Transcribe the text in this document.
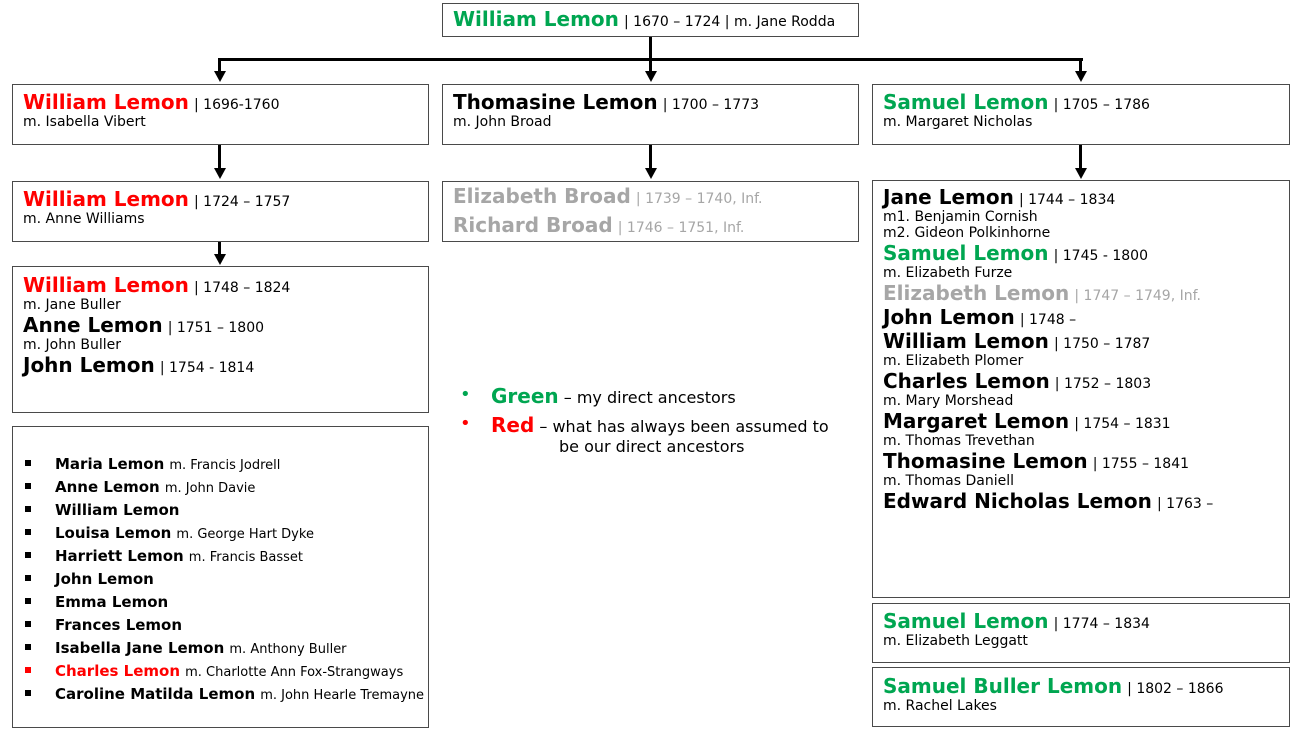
William Lemon | 1670 – 1724 | m. Jane Rodda
William Lemon | 1696-1760
m. Isabella Vibert
William Lemon | 1724 – 1757
m. Anne Williams
William Lemon | 1748 – 1824
m. Jane Buller
Anne Lemon | 1751 – 1800
m. John Buller
John Lemon | 1754 - 1814
Maria Lemon m. Francis Jodrell
Anne Lemon m. John Davie
William Lemon
Louisa Lemon m. George Hart Dyke
Harriett Lemon m. Francis Basset
John Lemon
Emma Lemon
Frances Lemon
Isabella Jane Lemon m. Anthony Buller
Charles Lemon m. Charlotte Ann Fox-Strangways
Caroline Matilda Lemon m. John Hearle Tremayne
Thomasine Lemon | 1700 – 1773
m. John Broad
Elizabeth Broad | 1739 – 1740, Inf.
Richard Broad | 1746 – 1751, Inf.
• Green – my direct ancestors
• Red – what has always been assumed to
be our direct ancestors
Samuel Lemon | 1705 – 1786
m. Margaret Nicholas
Jane Lemon | 1744 – 1834
m1. Benjamin Cornish
m2. Gideon Polkinhorne
Samuel Lemon | 1745 - 1800
m. Elizabeth Furze
Elizabeth Lemon | 1747 – 1749, Inf.
John Lemon | 1748 –
William Lemon | 1750 – 1787
m. Elizabeth Plomer
Charles Lemon | 1752 – 1803
m. Mary Morshead
Margaret Lemon | 1754 – 1831
m. Thomas Trevethan
Thomasine Lemon | 1755 – 1841
m. Thomas Daniell
Edward Nicholas Lemon | 1763 –
Samuel Lemon | 1774 – 1834
m. Elizabeth Leggatt
Samuel Buller Lemon | 1802 – 1866
m. Rachel Lakes
